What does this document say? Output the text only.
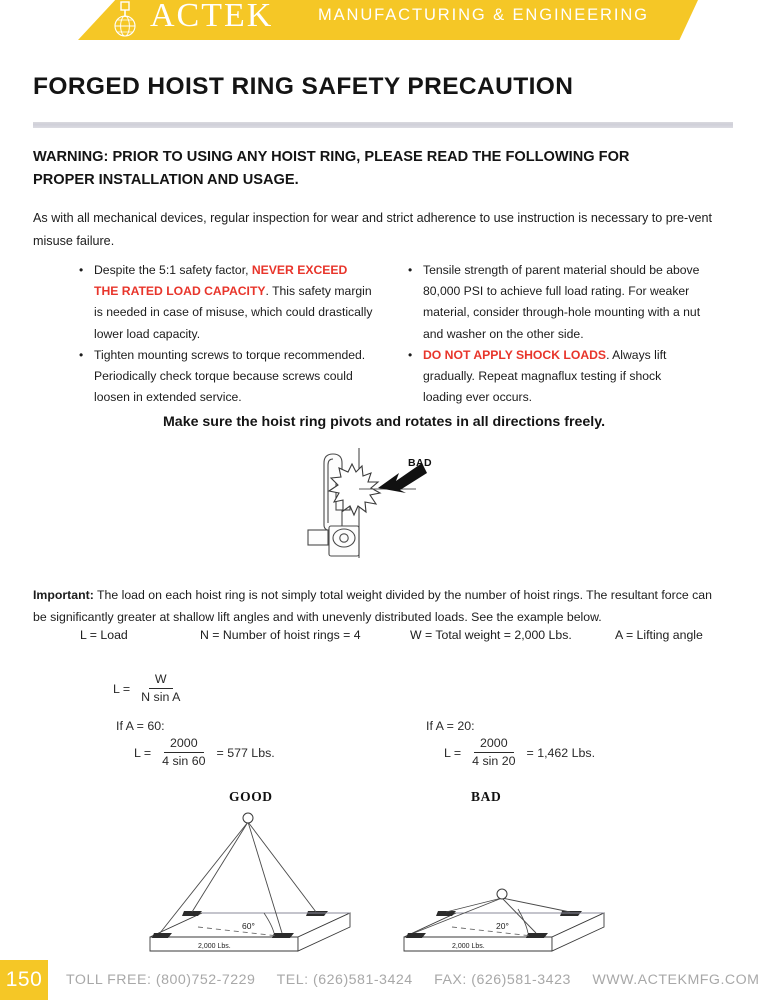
ACTEK	MANUFACTURING & ENGINEERING
FORGED HOIST RING SAFETY PRECAUTION
WARNING: PRIOR TO USING ANY HOIST RING, PLEASE READ THE FOLLOWING FOR PROPER INSTALLATION AND USAGE.
As with all mechanical devices, regular inspection for wear and strict adherence to use instruction is necessary to pre-vent misuse failure.
• Despite the 5:1 safety factor, NEVER EXCEED THE RATED LOAD CAPACITY. This safety margin is needed in case of misuse, which could drastically lower load capacity.
• Tighten mounting screws to torque recommended. Periodically check torque because screws could loosen in extended service.
• Tensile strength of parent material should be above 80,000 PSI to achieve full load rating. For weaker material, consider through-hole mounting with a nut and washer on the other side.
• DO NOT APPLY SHOCK LOADS. Always lift gradually. Repeat magnaflux testing if shock loading ever occurs.
Make sure the hoist ring pivots and rotates in all directions freely.
BAD
Important: The load on each hoist ring is not simply total weight divided by the number of hoist rings. The resultant force can be significantly greater at shallow lift angles and with unevenly distributed loads. See the example below.
L = Load	N = Number of hoist rings = 4	W = Total weight = 2,000 Lbs.	A = Lifting angle
$L = \frac{W}{\text{N sin A}}$
If A = 60:
$L = \frac{2000}{4 \sin 60} = 577$ Lbs.
If A = 20:
$L = \frac{2000}{4 \sin 20} = 1,462$ Lbs.
GOOD	BAD
60°
2,000 Lbs.
20°
2,000 Lbs.
150	TOLL FREE: (800)752-7229 TEL: (626)581-3424 FAX: (626)581-3423 WWW.ACTEKMFG.COM
